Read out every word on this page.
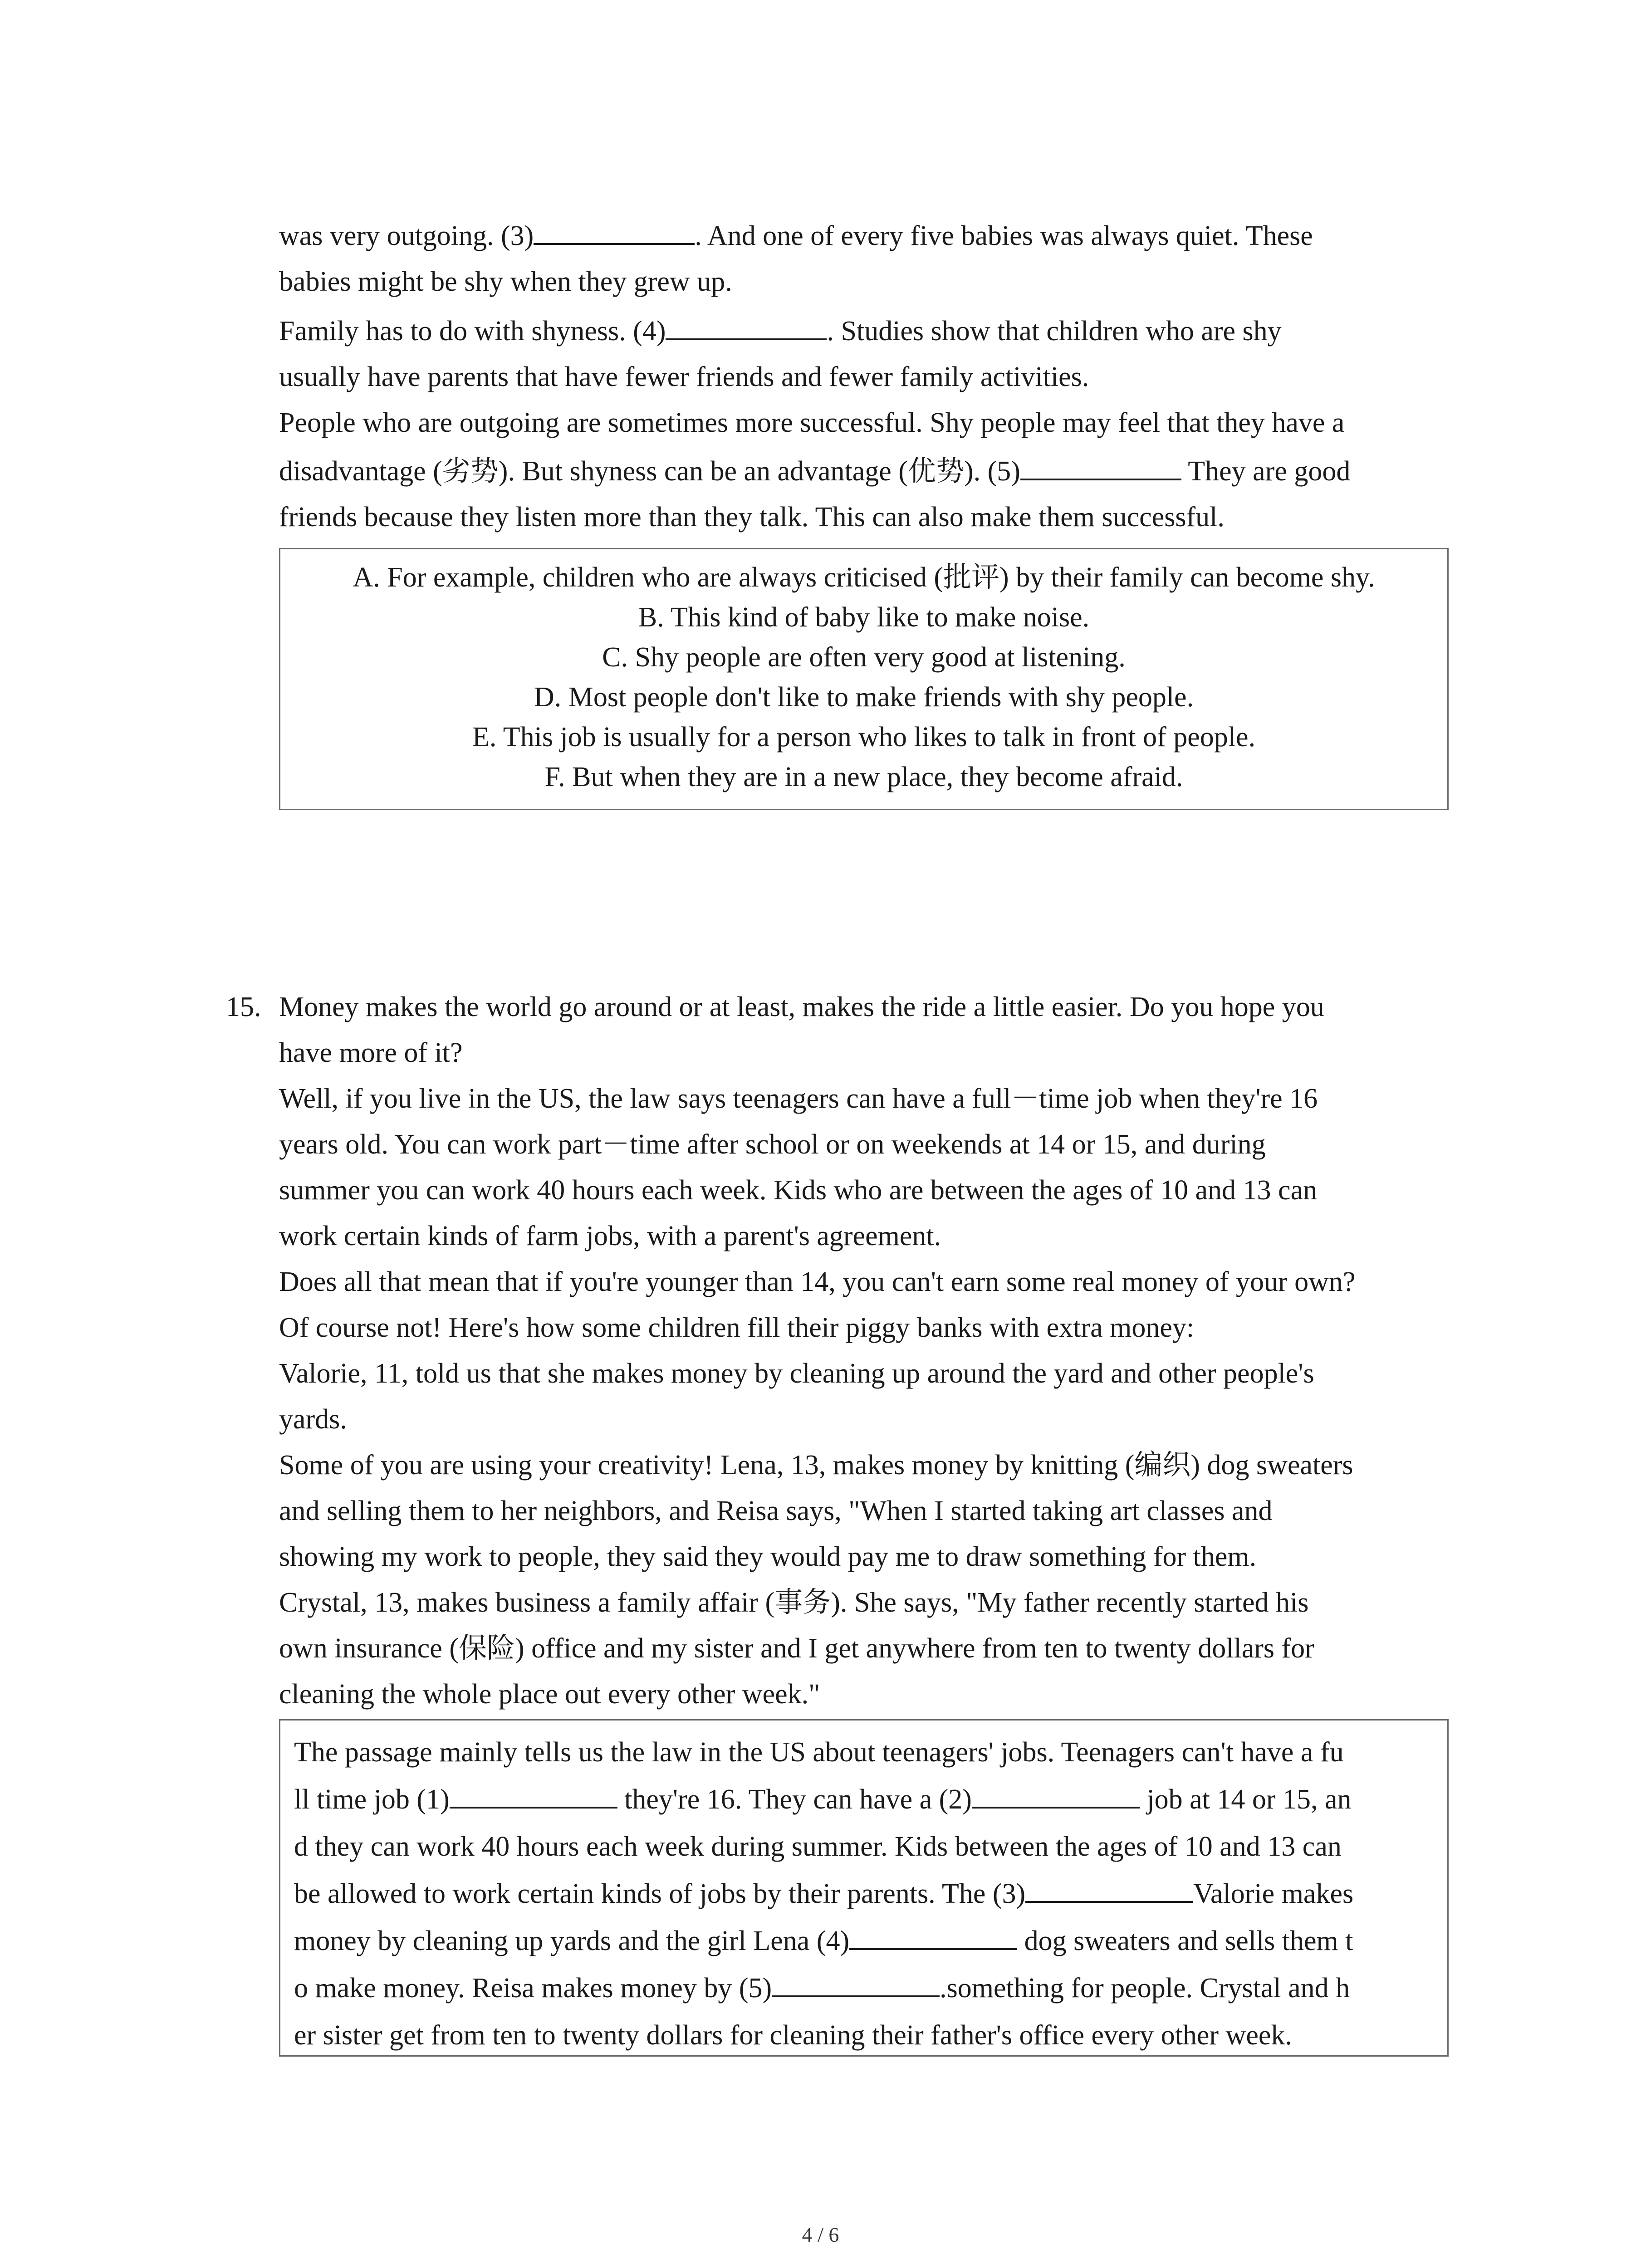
was very outgoing. (3)	. And one of every five babies was always quiet. These
babies might be shy when they grew up.
Family has to do with shyness. (4)	. Studies show that children who are shy
usually have parents that have fewer friends and fewer family activities.
People who are outgoing are sometimes more successful. Shy people may feel that they have a
disadvantage (劣势). But shyness can be an advantage (优势). (5)	They are good
friends because they listen more than they talk. This can also make them successful.
A. For example, children who are always criticised (批评) by their family can become shy.
B. This kind of baby like to make noise.
C. Shy people are often very good at listening.
D. Most people don't like to make friends with shy people.
E. This job is usually for a person who likes to talk in front of people.
F. But when they are in a new place, they become afraid.
15. Money makes the world go around or at least, makes the ride a little easier. Do you hope you
have more of it?
Well, if you live in the US, the law says teenagers can have a full－time job when they're 16
years old. You can work part－time after school or on weekends at 14 or 15, and during
summer you can work 40 hours each week. Kids who are between the ages of 10 and 13 can
work certain kinds of farm jobs, with a parent's agreement.
Does all that mean that if you're younger than 14, you can't earn some real money of your own?
Of course not! Here's how some children fill their piggy banks with extra money:
Valorie, 11, told us that she makes money by cleaning up around the yard and other people's
yards.
Some of you are using your creativity! Lena, 13, makes money by knitting (编织) dog sweaters
and selling them to her neighbors, and Reisa says, "When I started taking art classes and
showing my work to people, they said they would pay me to draw something for them.
Crystal, 13, makes business a family affair (事务). She says, "My father recently started his
own insurance (保险) office and my sister and I get anywhere from ten to twenty dollars for
cleaning the whole place out every other week."
The passage mainly tells us the law in the US about teenagers' jobs. Teenagers can't have a fu
ll time job (1)	they're 16. They can have a (2)	job at 14 or 15, an
d they can work 40 hours each week during summer. Kids between the ages of 10 and 13 can
be allowed to work certain kinds of jobs by their parents. The (3)	Valorie makes
money by cleaning up yards and the girl Lena (4)	dog sweaters and sells them t
o make money. Reisa makes money by (5)	.something for people. Crystal and h
er sister get from ten to twenty dollars for cleaning their father's office every other week.
4 / 6
